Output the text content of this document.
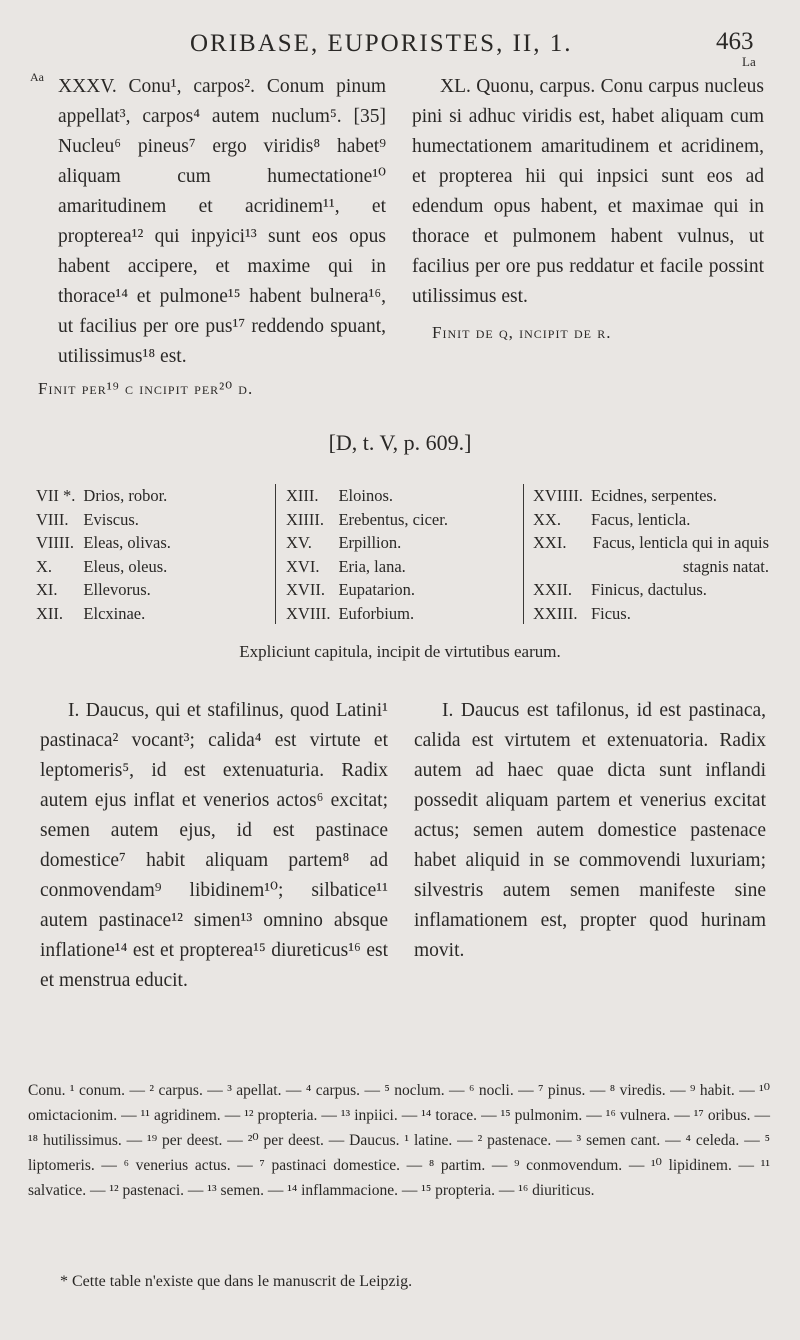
ORIBASE, EUPORISTES, II, 1.	463
La
Aa XXXV. Conu¹, carpos². Conum pinum appellat³, carpos⁴ autem nuclum⁵. [35] Nucleu⁶ pineus⁷ ergo viridis⁸ habet⁹ aliquam cum humectatione¹⁰ amaritudinem et acridinem¹¹, et propterea¹² qui inpyici¹³ sunt eos opus habent accipere, et maxime qui in thorace¹⁴ et pulmone¹⁵ habent bulnera¹⁶, ut facilius per ore pus¹⁷ reddendo spuant, utilissimus¹⁸ est.

Finit per¹⁹ c incipit per²⁰ d.

XL. Quonu, carpus. Conu carpus nucleus pini si adhuc viridis est, habet aliquam cum humectationem amaritudinem et acridinem, et propterea hii qui inpsici sunt eos ad edendum opus habent, et maximae qui in thorace et pulmonem habent vulnus, ut facilius per ore pus reddatur et facile possint utilissimus est.

Finit de q, incipit de r.
[D, t. V, p. 609.]
VII *.	Drios, robor.
VIII.	Eviscus.
VIIII.	Eleas, olivas.
X.	Eleus, oleus.
XI.	Ellevorus.
XII.	Elcxinae.
XIII.	Eloinos.
XIIII.	Erebentus, cicer.
XV.	Erpillion.
XVI.	Eria, lana.
XVII.	Eupatarion.
XVIII.	Euforbium.
XVIIII.	Ecidnes, serpentes.
XX.	Facus, lenticla.
XXI.	Facus, lenticla qui in aquis stagnis natat.
XXII.	Finicus, dactulus.
XXIII.	Ficus.
Expliciunt capitula, incipit de virtutibus earum.

I. Daucus, qui et stafilinus, quod Latini¹ pastinaca² vocant³; calida⁴ est virtute et leptomeris⁵, id est extenuaturia. Radix autem ejus inflat et venerios actos⁶ excitat; semen autem ejus, id est pastinace domestice⁷ habit aliquam partem⁸ ad conmovendam⁹ libidinem¹⁰; silbatice¹¹ autem pastinace¹² simen¹³ omnino absque inflatione¹⁴ est et propterea¹⁵ diureticus¹⁶ est et menstrua educit.

I. Daucus est tafilonus, id est pastinaca, calida est virtutem et extenuatoria. Radix autem ad haec quae dicta sunt inflandi possedit aliquam partem et venerius excitat actus; semen autem domestice pastenace habet aliquid in se commovendi luxuriam; silvestris autem semen manifeste sine inflamationem est, propter quod hurinam movit.

Conu. ¹ conum. — ² carpus. — ³ apellat. — ⁴ carpus. — ⁵ noclum. — ⁶ nocli. — ⁷ pinus. — ⁸ viredis. — ⁹ habit. — ¹⁰ omictacionim. — ¹¹ agridinem. — ¹² propteria. — ¹³ inpiici. — ¹⁴ torace. — ¹⁵ pulmonim. — ¹⁶ vulnera. — ¹⁷ oribus. — ¹⁸ hutilissimus. — ¹⁹ per deest. — ²⁰ per deest. — Daucus. ¹ latine. — ² pastenace. — ³ semen cant. — ⁴ celeda. — ⁵ liptomeris. — ⁶ venerius actus. — ⁷ pastinaci domestice. — ⁸ partim. — ⁹ conmovendum. — ¹⁰ lipidinem. — ¹¹ salvatice. — ¹² pastenaci. — ¹³ semen. — ¹⁴ inflammacione. — ¹⁵ propteria. — ¹⁶ diuriticus.
* Cette table n'existe que dans le manuscrit de Leipzig.
